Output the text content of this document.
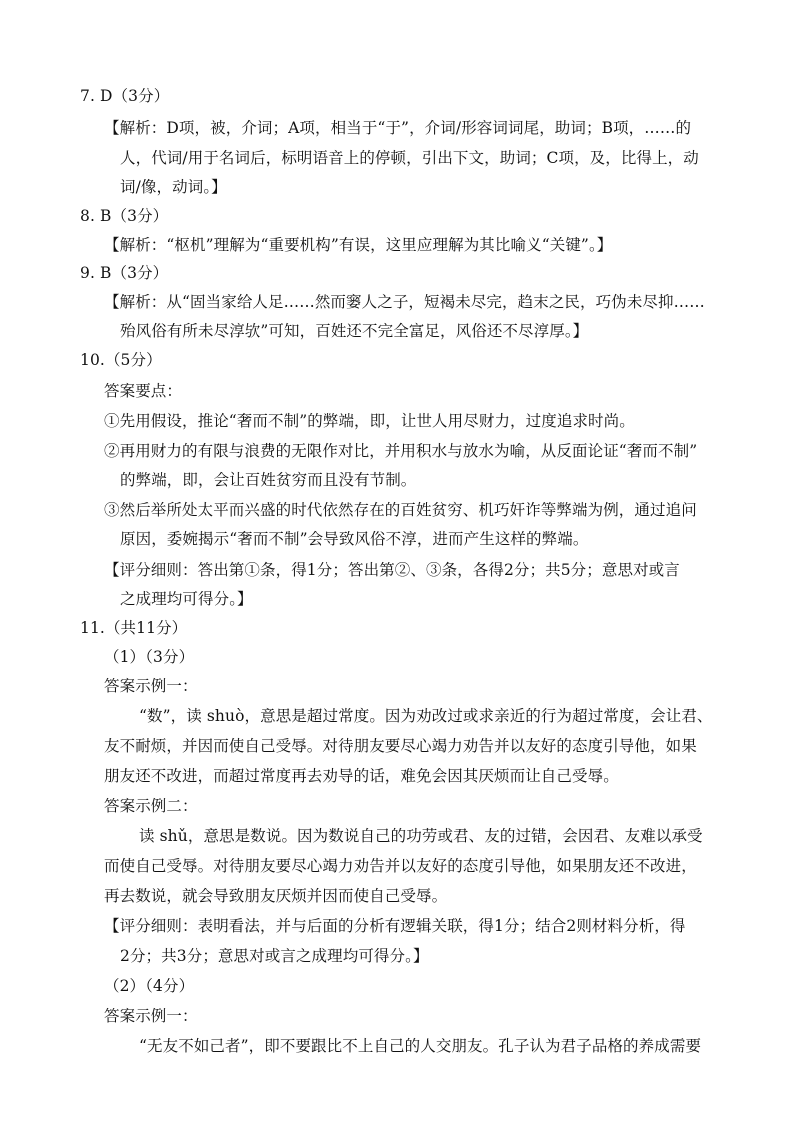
7. D（3分）
【解析：D项，被，介词；A项，相当于“于”，介词/形容词词尾，助词；B项，……的
人，代词/用于名词后，标明语音上的停顿，引出下文，助词；C项，及，比得上，动
词/像，动词。】
8. B（3分）
【解析：“枢机”理解为“重要机构”有误，这里应理解为其比喻义“关键”。】
9. B（3分）
【解析：从“固当家给人足……然而窭人之子，短褐未尽完，趋末之民，巧伪未尽抑……
殆风俗有所未尽淳欤”可知，百姓还不完全富足，风俗还不尽淳厚。】
10.（5分）
答案要点：
①先用假设，推论“奢而不制”的弊端，即，让世人用尽财力，过度追求时尚。
②再用财力的有限与浪费的无限作对比，并用积水与放水为喻，从反面论证“奢而不制”
的弊端，即，会让百姓贫穷而且没有节制。
③然后举所处太平而兴盛的时代依然存在的百姓贫穷、机巧奸诈等弊端为例，通过追问
原因，委婉揭示“奢而不制”会导致风俗不淳，进而产生这样的弊端。
【评分细则：答出第①条，得1分；答出第②、③条，各得2分；共5分；意思对或言
之成理均可得分。】
11.（共11分）
（1）（3分）
答案示例一：
“数”，读 shuò，意思是超过常度。因为劝改过或求亲近的行为超过常度，会让君、
友不耐烦，并因而使自己受辱。对待朋友要尽心竭力劝告并以友好的态度引导他，如果
朋友还不改进，而超过常度再去劝导的话，难免会因其厌烦而让自己受辱。
答案示例二：
读 shǔ，意思是数说。因为数说自己的功劳或君、友的过错，会因君、友难以承受
而使自己受辱。对待朋友要尽心竭力劝告并以友好的态度引导他，如果朋友还不改进，
再去数说，就会导致朋友厌烦并因而使自己受辱。
【评分细则：表明看法，并与后面的分析有逻辑关联，得1分；结合2则材料分析，得
2分；共3分；意思对或言之成理均可得分。】
（2）（4分）
答案示例一：
“无友不如己者”，即不要跟比不上自己的人交朋友。孔子认为君子品格的养成需要
